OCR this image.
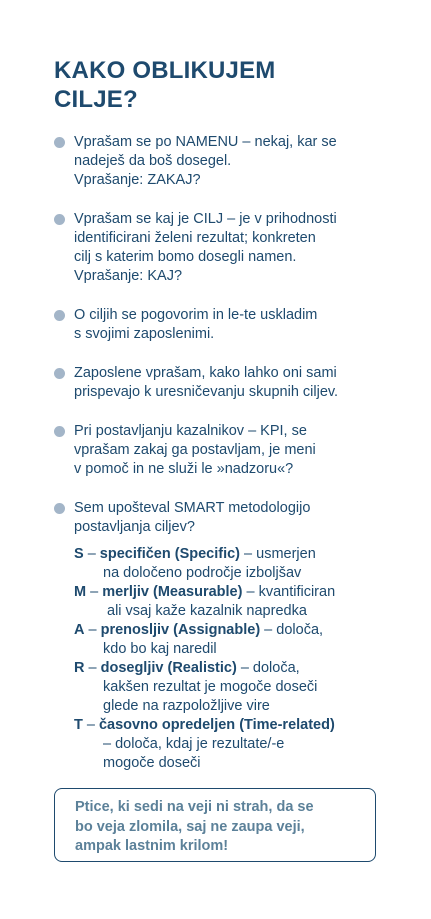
KAKO OBLIKUJEM
CILJE?
Vprašam se po NAMENU – nekaj, kar se
nadeješ da boš dosegel.
Vprašanje: ZAKAJ?
Vprašam se kaj je CILJ – je v prihodnosti
identificirani želeni rezultat; konkreten
cilj s katerim bomo dosegli namen.
Vprašanje: KAJ?
O ciljih se pogovorim in le-te uskladim
s svojimi zaposlenimi.
Zaposlene vprašam, kako lahko oni sami
prispevajo k uresničevanju skupnih ciljev.
Pri postavljanju kazalnikov – KPI, se
vprašam zakaj ga postavljam, je meni
v pomoč in ne služi le »nadzoru«?
Sem upošteval SMART metodologijo
postavljanja ciljev?
S – specifičen (Specific) – usmerjen
na določeno področje izboljšav
M – merljiv (Measurable) – kvantificiran
ali vsaj kaže kazalnik napredka
A – prenosljiv (Assignable) – določa,
kdo bo kaj naredil
R – dosegljiv (Realistic) – določa,
kakšen rezultat je mogoče doseči
glede na razpoložljive vire
T – časovno opredeljen (Time-related)
– določa, kdaj je rezultate/-e
mogoče doseči
Ptice, ki sedi na veji ni strah, da se
bo veja zlomila, saj ne zaupa veji,
ampak lastnim krilom!
